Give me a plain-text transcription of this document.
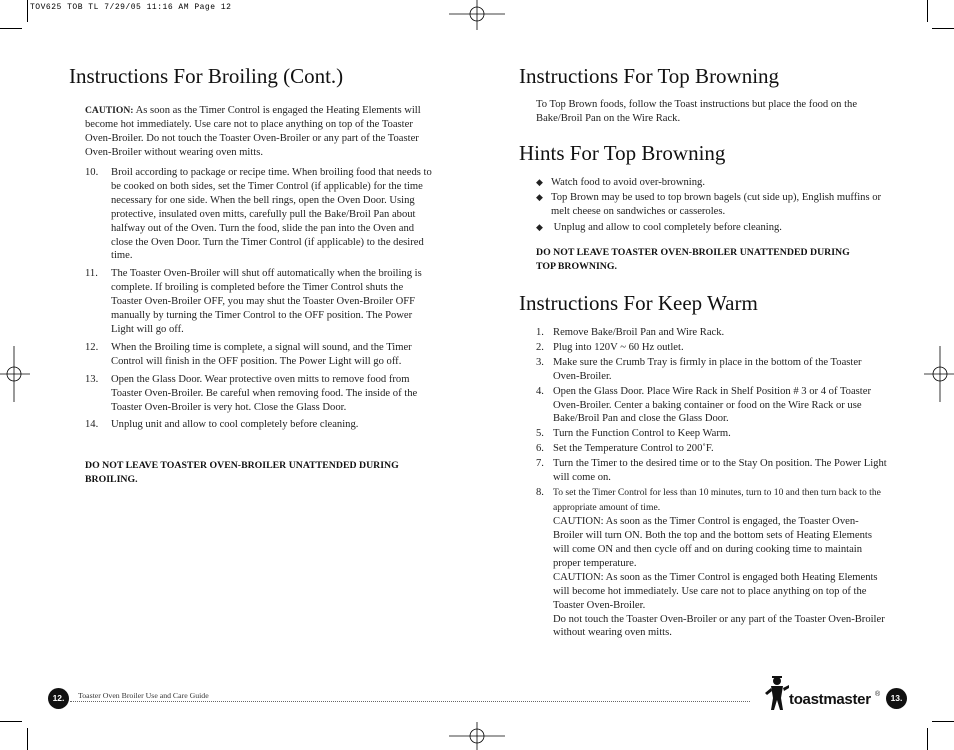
TOV625 TOB TL 7/29/05 11:16 AM Page 12
Instructions For Broiling (Cont.)
CAUTION: As soon as the Timer Control is engaged the Heating Elements will become hot immediately. Use care not to place anything on top of the Toaster Oven-Broiler. Do not touch the Toaster Oven-Broiler or any part of the Toaster Oven-Broiler without wearing oven mitts.
10. Broil according to package or recipe time. When broiling food that needs to be cooked on both sides, set the Timer Control (if applicable) for the time necessary for one side. When the bell rings, open the Oven Door. Using protective, insulated oven mitts, carefully pull the Bake/Broil Pan about halfway out of the Oven. Turn the food, slide the pan into the Oven and close the Oven Door. Turn the Timer Control (if applicable) to the desired time.
11. The Toaster Oven-Broiler will shut off automatically when the broiling is complete. If broiling is completed before the Timer Control shuts the Toaster Oven-Broiler OFF, you may shut the Toaster Oven-Broiler OFF manually by turning the Timer Control to the OFF position. The Power Light will go off.
12. When the Broiling time is complete, a signal will sound, and the Timer Control will finish in the OFF position. The Power Light will go off.
13. Open the Glass Door. Wear protective oven mitts to remove food from Toaster Oven-Broiler. Be careful when removing food. The inside of the Toaster Oven-Broiler is very hot. Close the Glass Door.
14. Unplug unit and allow to cool completely before cleaning.
DO NOT LEAVE TOASTER OVEN-BROILER UNATTENDED DURING BROILING.
12.	Toaster Oven Broiler Use and Care Guide
Instructions For Top Browning
To Top Brown foods, follow the Toast instructions but place the food on the Bake/Broil Pan on the Wire Rack.
Hints For Top Browning
◆ Watch food to avoid over-browning.
◆ Top Brown may be used to top brown bagels (cut side up), English muffins or melt cheese on sandwiches or casseroles.
◆ Unplug and allow to cool completely before cleaning.
DO NOT LEAVE TOASTER OVEN-BROILER UNATTENDED DURING TOP BROWNING.
Instructions For Keep Warm
1. Remove Bake/Broil Pan and Wire Rack.
2. Plug into 120V ~ 60 Hz outlet.
3. Make sure the Crumb Tray is firmly in place in the bottom of the Toaster Oven-Broiler.
4. Open the Glass Door. Place Wire Rack in Shelf Position # 3 or 4 of Toaster Oven-Broiler. Center a baking container or food on the Wire Rack or use Bake/Broil Pan and close the Glass Door.
5. Turn the Function Control to Keep Warm.
6. Set the Temperature Control to 200˚F.
7. Turn the Timer to the desired time or to the Stay On position. The Power Light will come on.
8. To set the Timer Control for less than 10 minutes, turn to 10 and then turn back to the appropriate amount of time.
CAUTION: As soon as the Timer Control is engaged, the Toaster Oven-Broiler will turn ON. Both the top and the bottom sets of Heating Elements will come ON and then cycle off and on during cooking time to maintain proper temperature.
CAUTION: As soon as the Timer Control is engaged both Heating Elements will become hot immediately. Use care not to place anything on top of the Toaster Oven-Broiler.
Do not touch the Toaster Oven-Broiler or any part of the Toaster Oven-Broiler without wearing oven mitts.
toastmaster ®	13.
